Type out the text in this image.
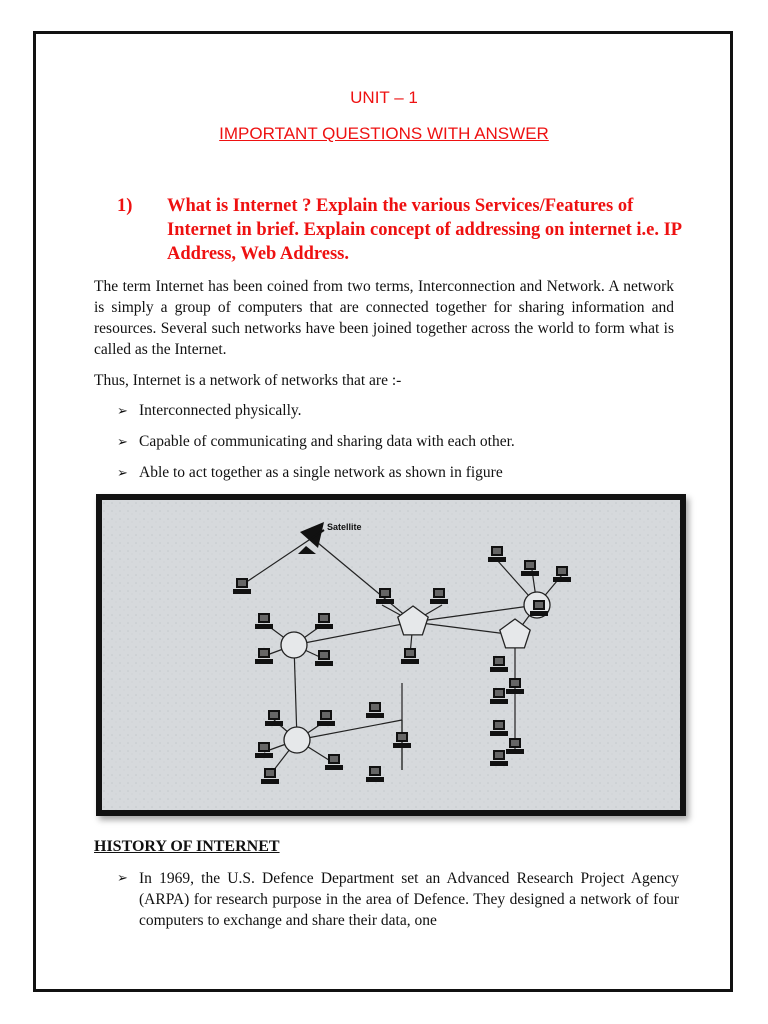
UNIT – 1
IMPORTANT QUESTIONS WITH ANSWER
1) What is Internet ? Explain the various Services/Features of Internet in brief. Explain concept of addressing on internet i.e. IP Address, Web Address.
The term Internet has been coined from two terms, Interconnection and Network. A network is simply a group of computers that are connected together for sharing information and resources. Several such networks have been joined together across the world to form what is called as the Internet.
Thus, Internet is a network of networks that are :-
➢ Interconnected physically.
➢ Capable of communicating and sharing data with each other.
➢ Able to act together as a single network as shown in figure
Satellite
HISTORY OF INTERNET
➢ In 1969, the U.S. Defence Department set an Advanced Research Project Agency (ARPA) for research purpose in the area of Defence. They designed a network of four computers to exchange and share their data, one
